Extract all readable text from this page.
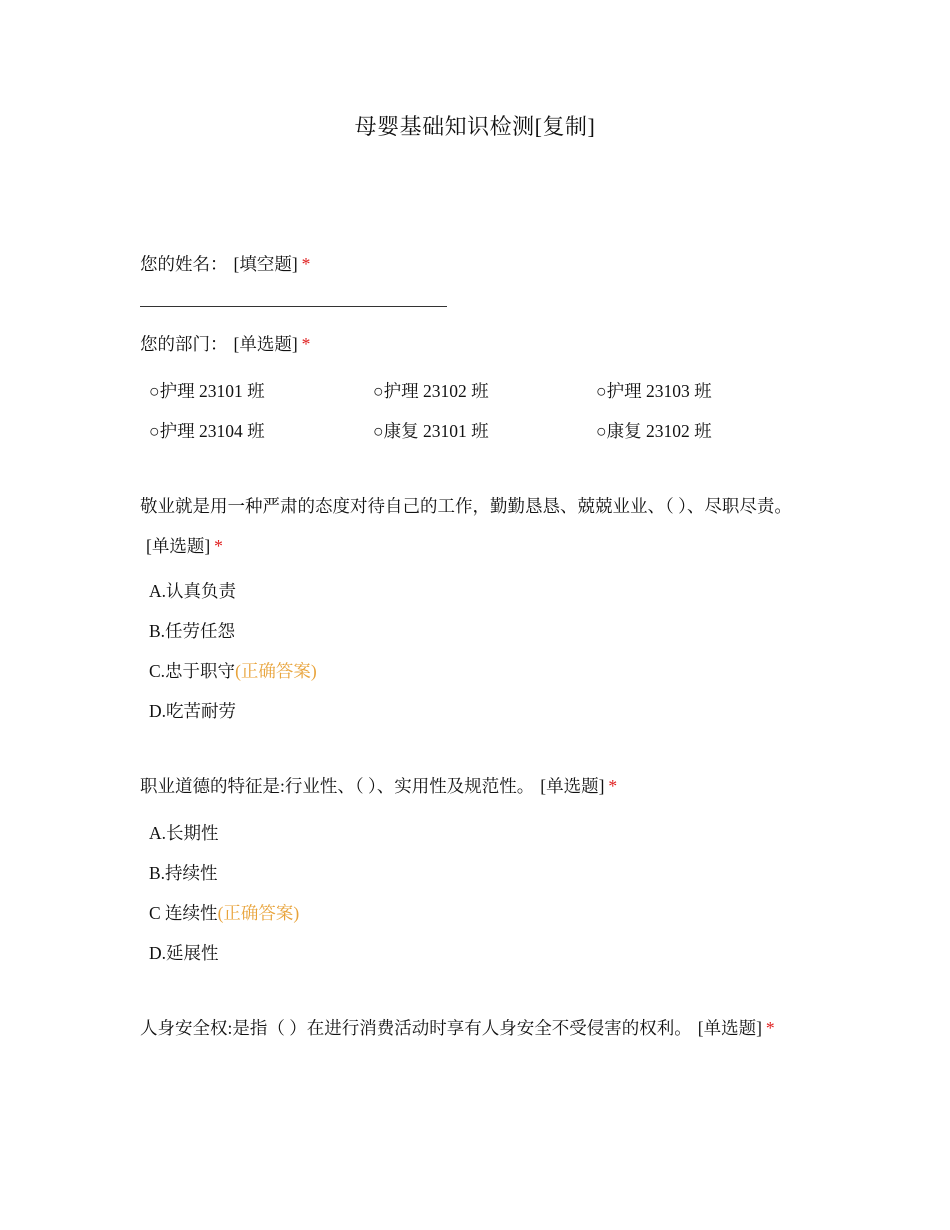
母婴基础知识检测[复制]
您的姓名： [填空题] *
您的部门： [单选题] *
○护理 23101 班	○护理 23102 班	○护理 23103 班
○护理 23104 班	○康复 23101 班	○康复 23102 班
敬业就是用一种严肃的态度对待自己的工作，勤勤恳恳、兢兢业业、（ ）、尽职尽责。[单选题] *
A.认真负责
B.任劳任怨
C.忠于职守(正确答案)
D.吃苦耐劳
职业道德的特征是:行业性、（ ）、实用性及规范性。 [单选题] *
A.长期性
B.持续性
C 连续性(正确答案)
D.延展性
人身安全权:是指（ ）在进行消费活动时享有人身安全不受侵害的权利。 [单选题] *
